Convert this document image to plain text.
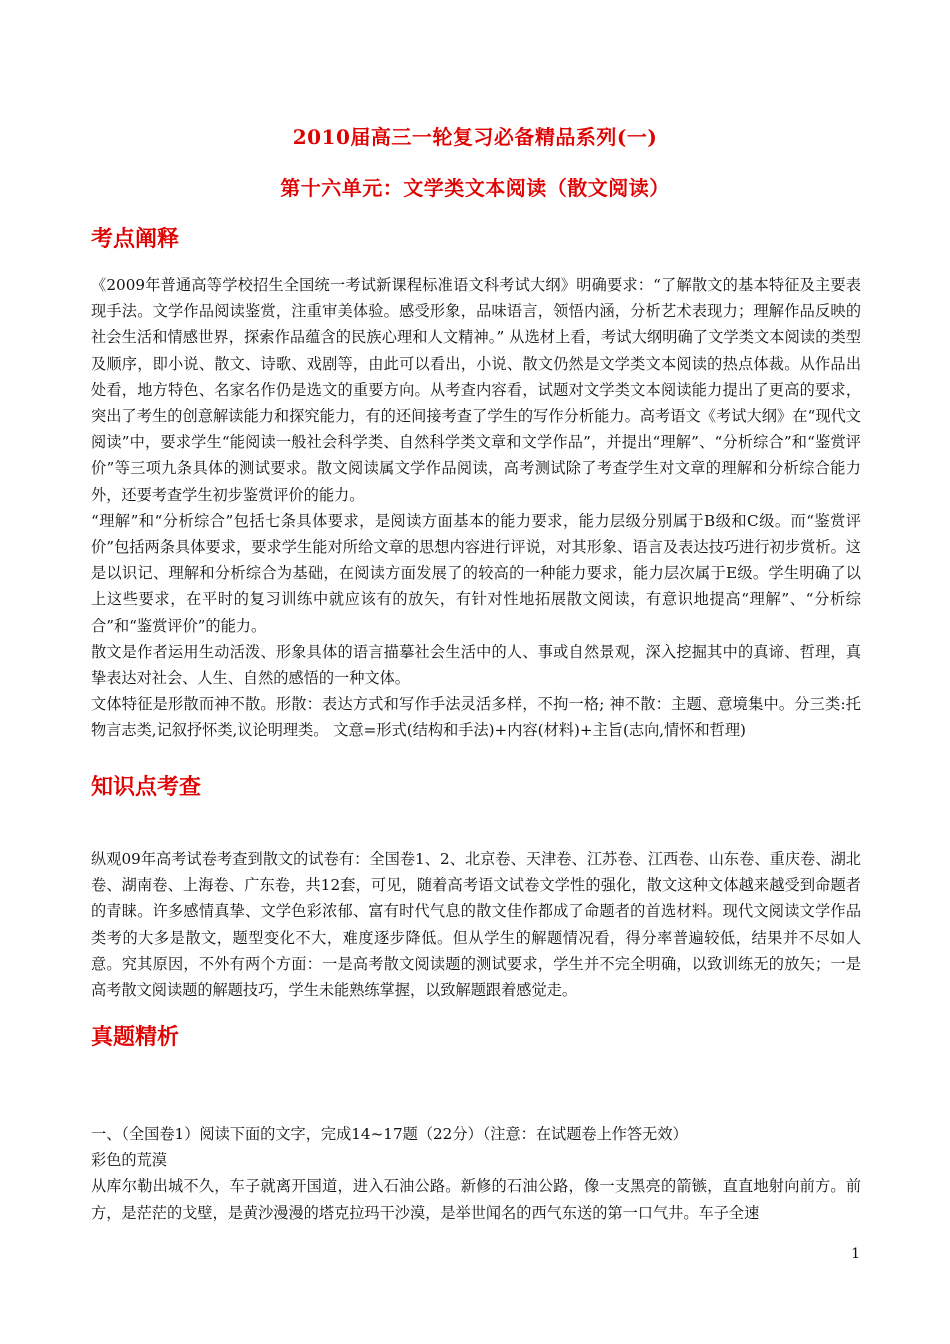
2010届高三一轮复习必备精品系列(一)
第十六单元：文学类文本阅读（散文阅读）
考点阐释

《2009年普通高等学校招生全国统一考试新课程标准语文科考试大纲》明确要求：“了解散文的基本特征及主要表现手法。文学作品阅读鉴赏，注重审美体验。感受形象，品味语言，领悟内涵，分析艺术表现力；理解作品反映的社会生活和情感世界，探索作品蕴含的民族心理和人文精神。” 从选材上看，考试大纲明确了文学类文本阅读的类型及顺序，即小说、散文、诗歌、戏剧等，由此可以看出，小说、散文仍然是文学类文本阅读的热点体裁。从作品出处看，地方特色、名家名作仍是选文的重要方向。从考查内容看，试题对文学类文本阅读能力提出了更高的要求，突出了考生的创意解读能力和探究能力，有的还间接考查了学生的写作分析能力。高考语文《考试大纲》在“现代文阅读”中，要求学生“能阅读一般社会科学类、自然科学类文章和文学作品”，并提出“理解”、“分析综合”和“鉴赏评价”等三项九条具体的测试要求。散文阅读属文学作品阅读，高考测试除了考查学生对文章的理解和分析综合能力外，还要考查学生初步鉴赏评价的能力。

“理解”和“分析综合”包括七条具体要求，是阅读方面基本的能力要求，能力层级分别属于B级和C级。而“鉴赏评价”包括两条具体要求，要求学生能对所给文章的思想内容进行评说，对其形象、语言及表达技巧进行初步赏析。这是以识记、理解和分析综合为基础，在阅读方面发展了的较高的一种能力要求，能力层次属于E级。学生明确了以上这些要求，在平时的复习训练中就应该有的放矢，有针对性地拓展散文阅读，有意识地提高“理解”、“分析综合”和“鉴赏评价”的能力。

散文是作者运用生动活泼、形象具体的语言描摹社会生活中的人、事或自然景观，深入挖掘其中的真谛、哲理，真挚表达对社会、人生、自然的感悟的一种文体。

文体特征是形散而神不散。形散：表达方式和写作手法灵活多样，不拘一格; 神不散：主题、意境集中。分三类:托物言志类,记叙抒怀类,议论明理类。 文意=形式(结构和手法)+内容(材料)+主旨(志向,情怀和哲理)

知识点考查

纵观09年高考试卷考查到散文的试卷有：全国卷1、2、北京卷、天津卷、江苏卷、江西卷、山东卷、重庆卷、湖北卷、湖南卷、上海卷、广东卷，共12套，可见，随着高考语文试卷文学性的强化，散文这种文体越来越受到命题者的青睐。许多感情真挚、文学色彩浓郁、富有时代气息的散文佳作都成了命题者的首选材料。现代文阅读文学作品类考的大多是散文，题型变化不大，难度逐步降低。但从学生的解题情况看，得分率普遍较低，结果并不尽如人意。究其原因，不外有两个方面：一是高考散文阅读题的测试要求，学生并不完全明确，以致训练无的放矢；一是高考散文阅读题的解题技巧，学生未能熟练掌握，以致解题跟着感觉走。

真题精析

一、（全国卷1）阅读下面的文字，完成14~17题（22分）（注意：在试题卷上作答无效）

彩色的荒漠

从库尔勒出城不久，车子就离开国道，进入石油公路。新修的石油公路，像一支黑亮的箭镞，直直地射向前方。前方，是茫茫的戈壁，是黄沙漫漫的塔克拉玛干沙漠，是举世闻名的西气东送的第一口气井。车子全速

1
